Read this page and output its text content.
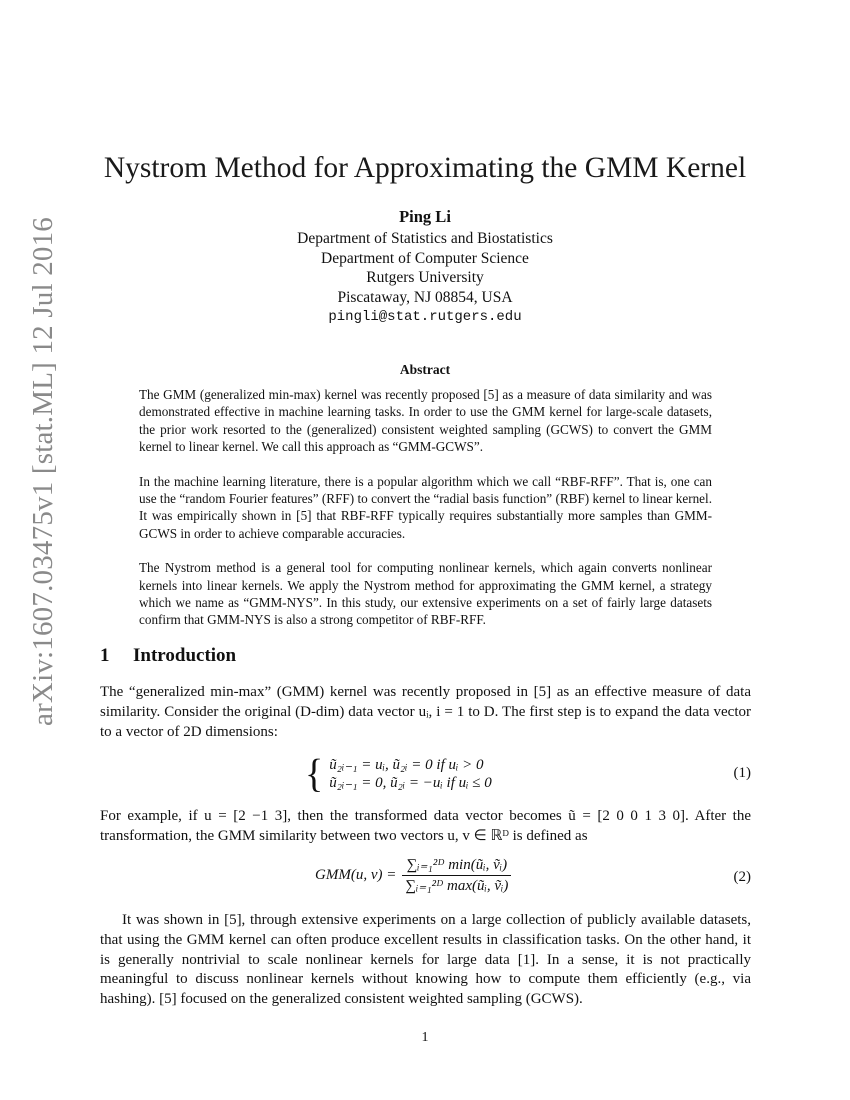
arXiv:1607.03475v1 [stat.ML] 12 Jul 2016
Nystrom Method for Approximating the GMM Kernel
Ping Li
Department of Statistics and Biostatistics
Department of Computer Science
Rutgers University
Piscataway, NJ 08854, USA
pingli@stat.rutgers.edu
Abstract

The GMM (generalized min-max) kernel was recently proposed [5] as a measure of data similarity and was demonstrated effective in machine learning tasks. In order to use the GMM kernel for large-scale datasets, the prior work resorted to the (generalized) consistent weighted sampling (GCWS) to convert the GMM kernel to linear kernel. We call this approach as “GMM-GCWS”.

In the machine learning literature, there is a popular algorithm which we call “RBF-RFF”. That is, one can use the “random Fourier features” (RFF) to convert the “radial basis function” (RBF) kernel to linear kernel. It was empirically shown in [5] that RBF-RFF typically requires substantially more samples than GMM-GCWS in order to achieve comparable accuracies.

The Nystrom method is a general tool for computing nonlinear kernels, which again converts nonlinear kernels into linear kernels. We apply the Nystrom method for approximating the GMM kernel, a strategy which we name as “GMM-NYS”. In this study, our extensive experiments on a set of fairly large datasets confirm that GMM-NYS is also a strong competitor of RBF-RFF.

1 Introduction

The “generalized min-max” (GMM) kernel was recently proposed in [5] as an effective measure of data similarity. Consider the original (D-dim) data vector uᵢ, i = 1 to D. The first step is to expand the data vector to a vector of 2D dimensions:

{ ũ₂ᵢ₋₁ = uᵢ, ũ₂ᵢ = 0 if uᵢ > 0
ũ₂ᵢ₋₁ = 0, ũ₂ᵢ = −uᵢ if uᵢ ≤ 0
(1)

For example, if u = [2 −1 3], then the transformed data vector becomes ũ = [2 0 0 1 3 0]. After the transformation, the GMM similarity between two vectors u, v ∈ ℝᴰ is defined as

GMM(u, $v) = \frac{\text{∑ᵢ₌₁²ᴰ min(ũᵢ, ṽᵢ)}}{\text{∑ᵢ₌₁²ᴰ max(ũᵢ, ṽᵢ)}}$	(2)

It was shown in [5], through extensive experiments on a large collection of publicly available datasets, that using the GMM kernel can often produce excellent results in classification tasks. On the other hand, it is generally nontrivial to scale nonlinear kernels for large data [1]. In a sense, it is not practically meaningful to discuss nonlinear kernels without knowing how to compute them efficiently (e.g., via hashing). [5] focused on the generalized consistent weighted sampling (GCWS).

1
